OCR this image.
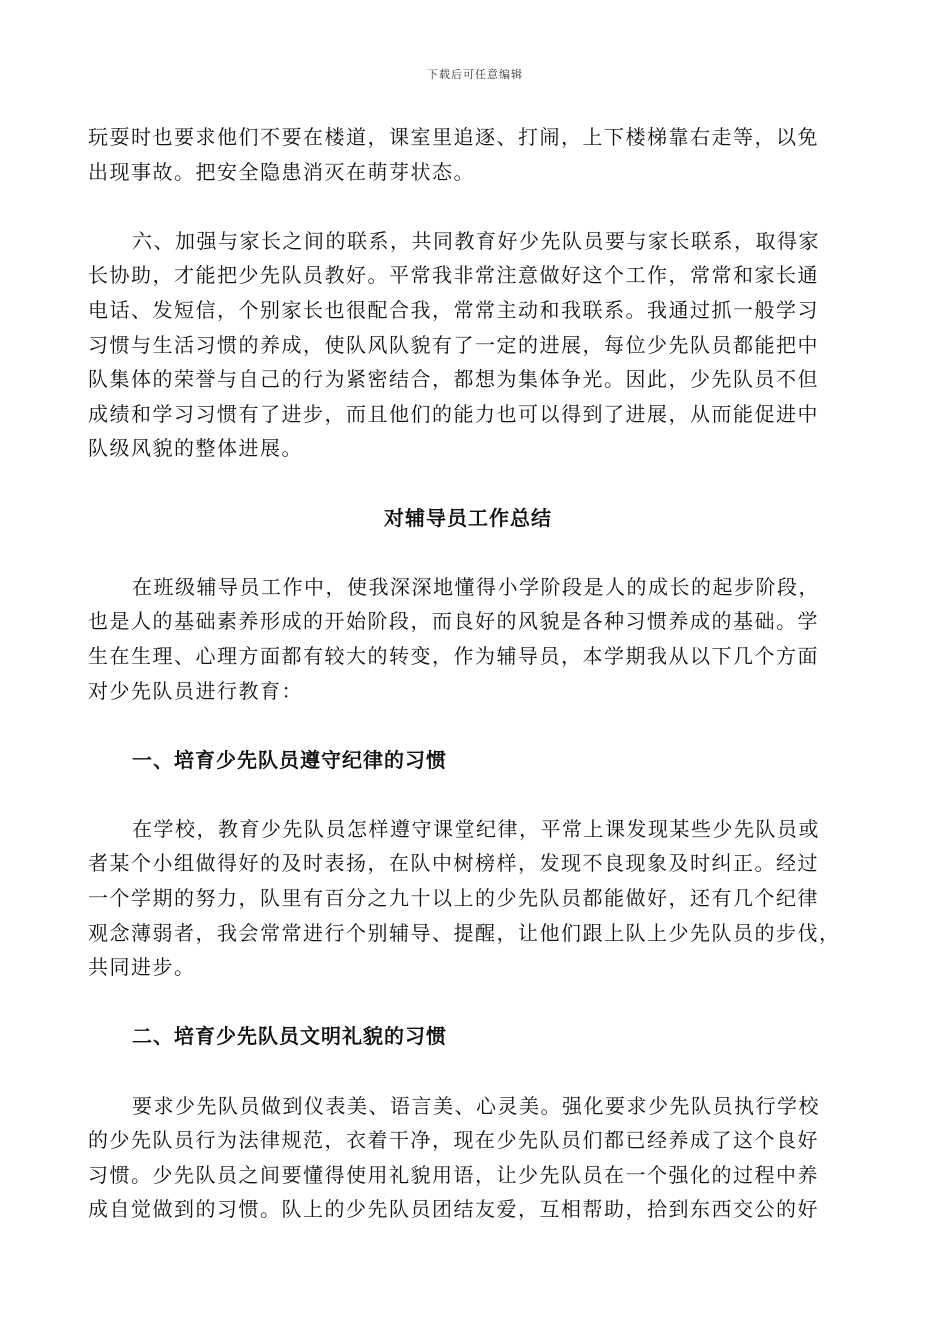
下载后可任意编辑
玩耍时也要求他们不要在楼道，课室里追逐、打闹，上下楼梯靠右走等，以免
出现事故。把安全隐患消灭在萌芽状态。
六、加强与家长之间的联系，共同教育好少先队员要与家长联系，取得家
长协助，才能把少先队员教好。平常我非常注意做好这个工作，常常和家长通
电话、发短信，个别家长也很配合我，常常主动和我联系。我通过抓一般学习
习惯与生活习惯的养成，使队风队貌有了一定的进展，每位少先队员都能把中
队集体的荣誉与自己的行为紧密结合，都想为集体争光。因此，少先队员不但
成绩和学习习惯有了进步，而且他们的能力也可以得到了进展，从而能促进中
队级风貌的整体进展。
对辅导员工作总结
在班级辅导员工作中，使我深深地懂得小学阶段是人的成长的起步阶段，
也是人的基础素养形成的开始阶段，而良好的风貌是各种习惯养成的基础。学
生在生理、心理方面都有较大的转变，作为辅导员，本学期我从以下几个方面
对少先队员进行教育：
一、培育少先队员遵守纪律的习惯
在学校，教育少先队员怎样遵守课堂纪律，平常上课发现某些少先队员或
者某个小组做得好的及时表扬，在队中树榜样，发现不良现象及时纠正。经过
一个学期的努力，队里有百分之九十以上的少先队员都能做好，还有几个纪律
观念薄弱者，我会常常进行个别辅导、提醒，让他们跟上队上少先队员的步伐，
共同进步。
二、培育少先队员文明礼貌的习惯
要求少先队员做到仪表美、语言美、心灵美。强化要求少先队员执行学校
的少先队员行为法律规范，衣着干净，现在少先队员们都已经养成了这个良好
习惯。少先队员之间要懂得使用礼貌用语，让少先队员在一个强化的过程中养
成自觉做到的习惯。队上的少先队员团结友爱，互相帮助，拾到东西交公的好
